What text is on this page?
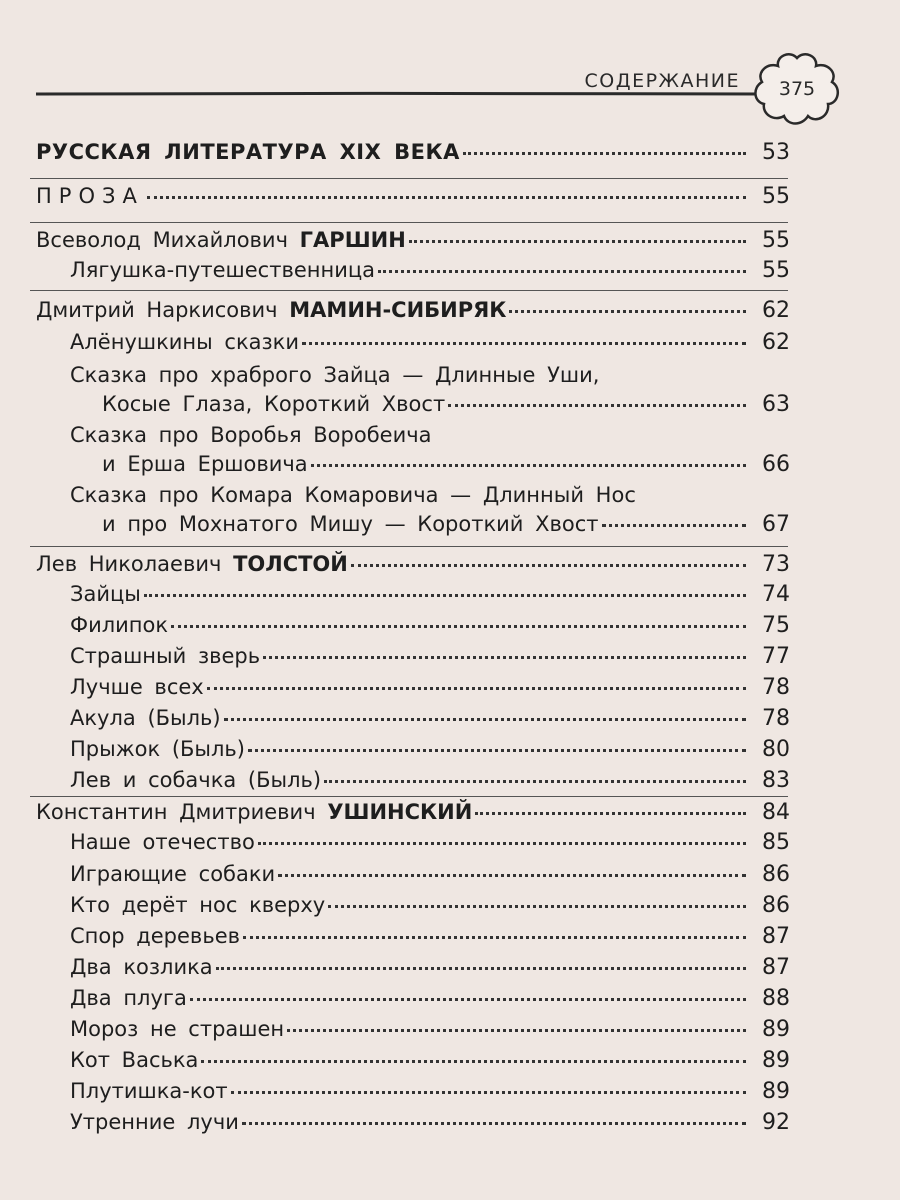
СОДЕРЖАНИЕ	375
РУССКАЯ ЛИТЕРАТУРА XIX ВЕКА	53
ПРОЗА	55
Всеволод Михайлович ГАРШИН	55
Лягушка-путешественница	55
Дмитрий Наркисович МАМИН-СИБИРЯК	62
Алёнушкины сказки	62
Сказка про храброго Зайца — Длинные Уши,
Косые Глаза, Короткий Хвост	63
Сказка про Воробья Воробеича
и Ерша Ершовича	66
Сказка про Комара Комаровича — Длинный Нос
и про Мохнатого Мишу — Короткий Хвост	67
Лев Николаевич ТОЛСТОЙ	73
Зайцы	74
Филипок	75
Страшный зверь	77
Лучше всех	78
Акула (Быль)	78
Прыжок (Быль)	80
Лев и собачка (Быль)	83
Константин Дмитриевич УШИНСКИЙ	84
Наше отечество	85
Играющие собаки	86
Кто дерёт нос кверху	86
Спор деревьев	87
Два козлика	87
Два плуга	88
Мороз не страшен	89
Кот Васька	89
Плутишка-кот	89
Утренние лучи	92
